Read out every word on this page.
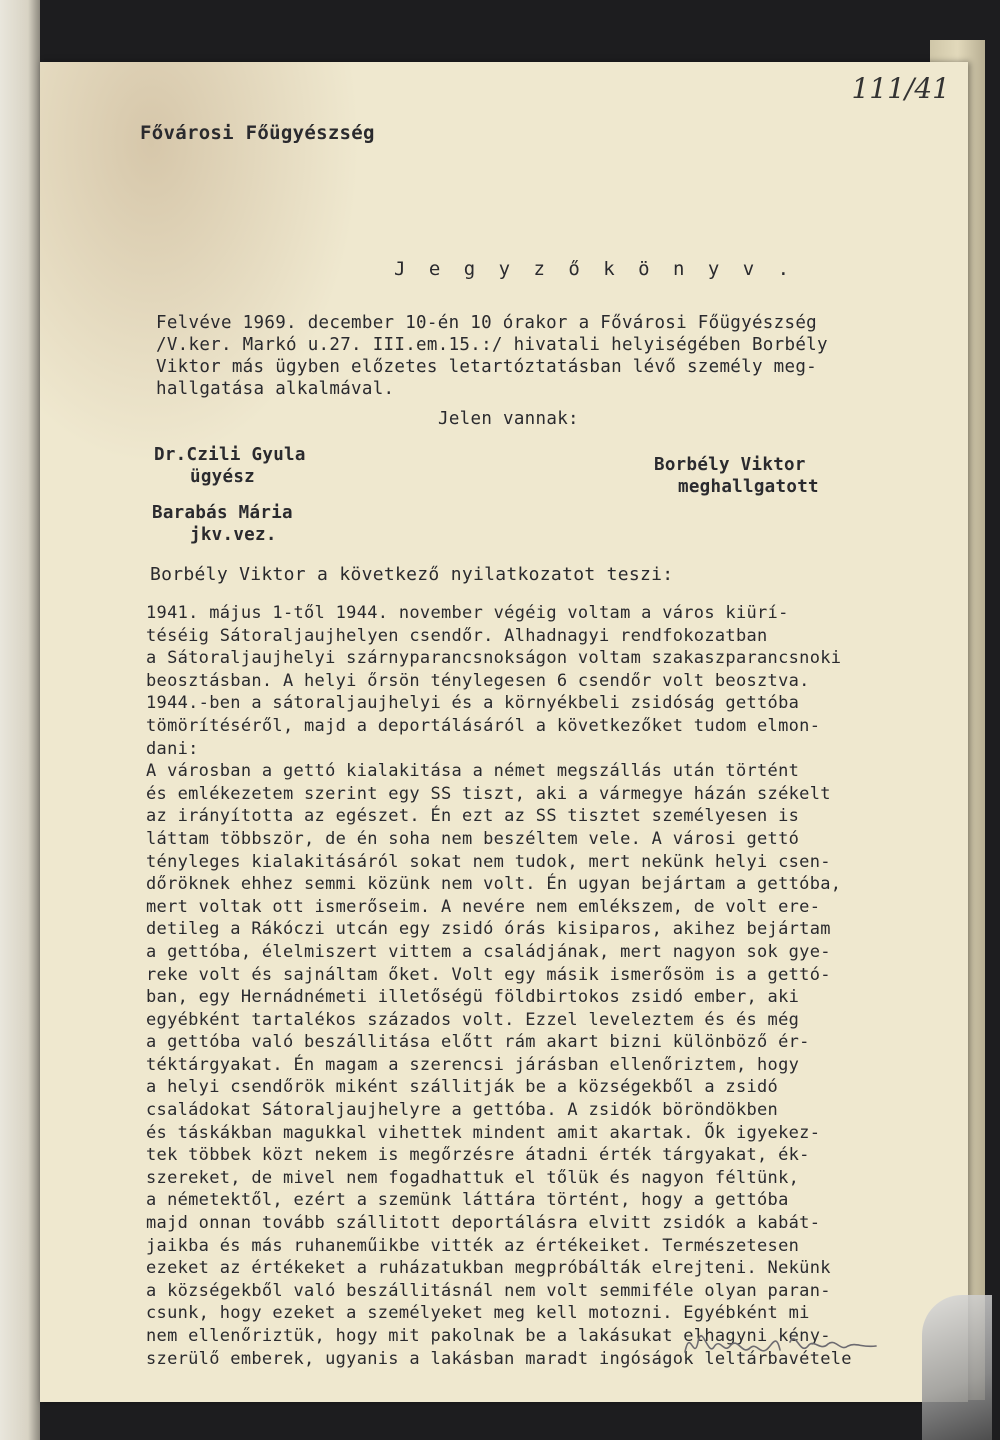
111/41
Fővárosi Főügyészség
J e g y z ő k ö n y v .
Felvéve 1969. december 10-én 10 órakor a Fővárosi Főügyészség
/V.ker. Markó u.27. III.em.15.:/ hivatali helyiségében Borbély
Viktor más ügyben előzetes letartóztatásban lévő személy meg-
hallgatása alkalmával.
Jelen vannak:
Dr.Czili Gyula
ügyész
Borbély Viktor
meghallgatott
Barabás Mária
jkv.vez.
Borbély Viktor a következő nyilatkozatot teszi:
1941. május 1-től 1944. november végéig voltam a város kiürí-
téséig Sátoraljaujhelyen csendőr. Alhadnagyi rendfokozatban
a Sátoraljaujhelyi szárnyparancsnokságon voltam szakaszparancsnoki
beosztásban. A helyi őrsön ténylegesen 6 csendőr volt beosztva.
1944.-ben a sátoraljaujhelyi és a környékbeli zsidóság gettóba
tömörítéséről, majd a deportálásáról a következőket tudom elmon-
dani:
A városban a gettó kialakitása a német megszállás után történt
és emlékezetem szerint egy SS tiszt, aki a vármegye házán székelt
az irányította az egészet. Én ezt az SS tisztet személyesen is
láttam többször, de én soha nem beszéltem vele. A városi gettó
tényleges kialakitásáról sokat nem tudok, mert nekünk helyi csen-
dőröknek ehhez semmi közünk nem volt. Én ugyan bejártam a gettóba,
mert voltak ott ismerőseim. A nevére nem emlékszem, de volt ere-
detileg a Rákóczi utcán egy zsidó órás kisiparos, akihez bejártam
a gettóba, élelmiszert vittem a családjának, mert nagyon sok gye-
reke volt és sajnáltam őket. Volt egy másik ismerősöm is a gettó-
ban, egy Hernádnémeti illetőségü földbirtokos zsidó ember, aki
egyébként tartalékos százados volt. Ezzel leveleztem és és még
a gettóba való beszállitása előtt rám akart bizni különböző ér-
téktárgyakat. Én magam a szerencsi járásban ellenőriztem, hogy
a helyi csendőrök miként szállitják be a községekből a zsidó
családokat Sátoraljaujhelyre a gettóba. A zsidók böröndökben
és táskákban magukkal vihettek mindent amit akartak. Ők igyekez-
tek többek közt nekem is megőrzésre átadni érték tárgyakat, ék-
szereket, de mivel nem fogadhattuk el tőlük és nagyon féltünk,
a németektől, ezért a szemünk láttára történt, hogy a gettóba
majd onnan tovább szállitott deportálásra elvitt zsidók a kabát-
jaikba és más ruhaneműikbe vitték az értékeiket. Természetesen
ezeket az értékeket a ruházatukban megpróbálták elrejteni. Nekünk
a községekből való beszállitásnál nem volt semmiféle olyan paran-
csunk, hogy ezeket a személyeket meg kell motozni. Egyébként mi
nem ellenőriztük, hogy mit pakolnak be a lakásukat elhagyni kény-
szerülő emberek, ugyanis a lakásban maradt ingóságok leltárbavétele
